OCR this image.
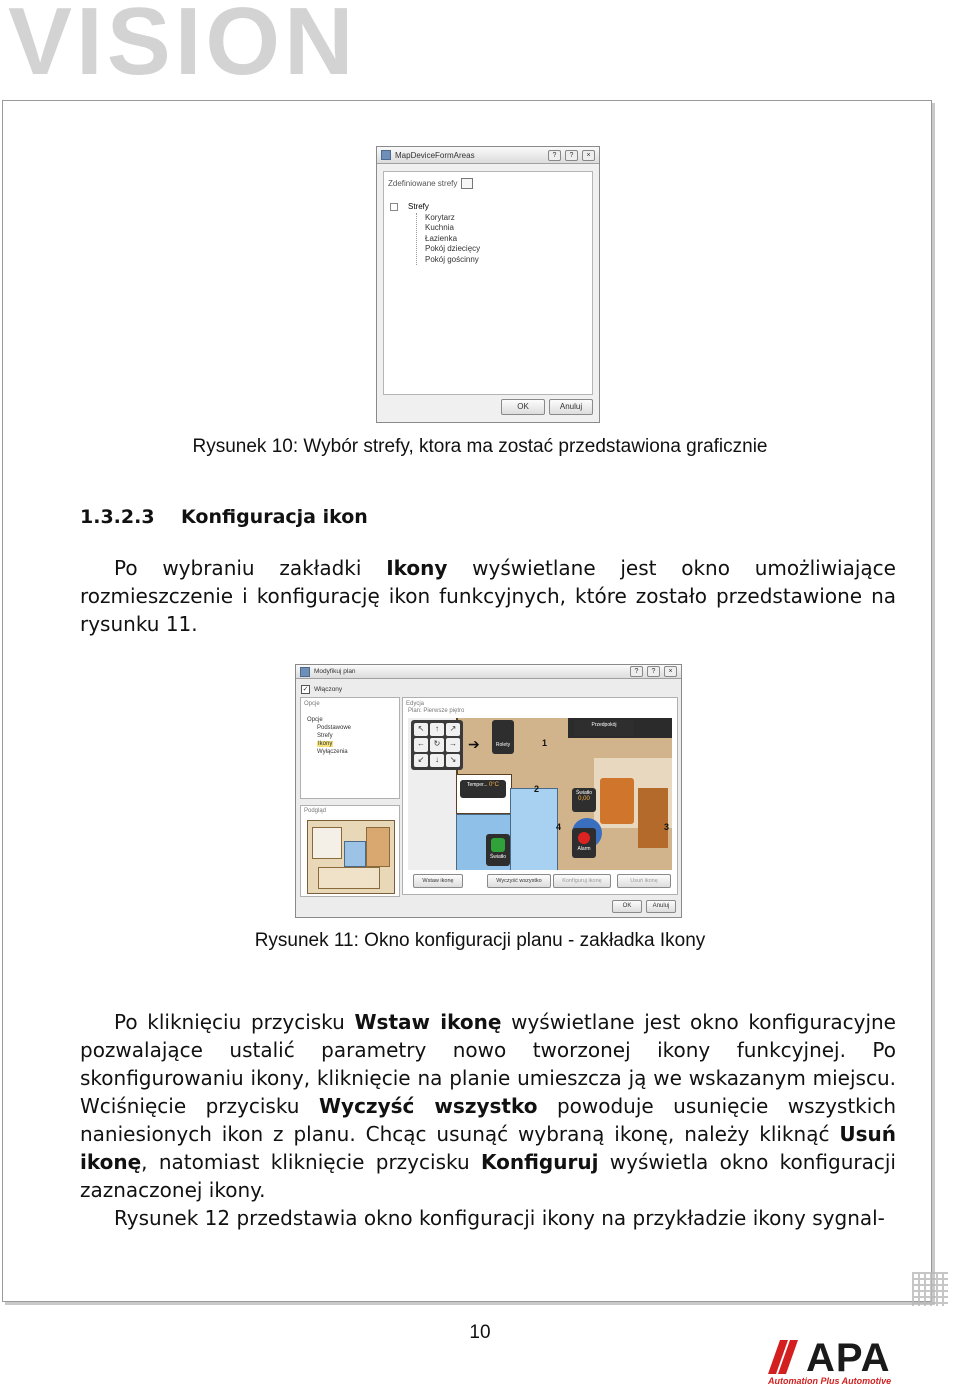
VISION
MapDeviceFormAreas	?	?	×
Zdefiniowane strefy
Strefy
Korytarz
Kuchnia
Łazienka
Pokój dziecięcy
Pokój gościnny
OK	Anuluj
Rysunek 10: Wybór strefy, ktora ma zostać przedstawiona graficznie
1.3.2.3 Konfiguracja ikon

Po wybraniu zakładki Ikony wyświetlane jest okno umożliwiające rozmieszczenie i konfigurację ikon funkcyjnych, które zostało przedstawione na rysunku 11.

Modyfikuj plan	?	?	×
✓ Włączony
Opcje
Opcje
Podstawowe
Strefy
Ikony
Wyłączenia
Podgląd
Edycja
Plan: Pierwsze piętro
↖	↑	↗
←	↻	→
↙	↓	↘
➔	Rolety
Przedpokój
Temper... 0°C
Światło
0,00
Alarm
Światło
1
2
3
4
Wstaw ikonę	Wyczyść wszystko	Konfiguruj ikonę	Usuń ikonę
OK	Anuluj
Rysunek 11: Okno konfiguracji planu - zakładka Ikony

Po kliknięciu przycisku Wstaw ikonę wyświetlane jest okno konfiguracyjne pozwalające ustalić parametry nowo tworzonej ikony funkcyjnej. Po skonfigurowaniu ikony, kliknięcie na planie umieszcza ją we wskazanym miejscu. Wciśnięcie przycisku Wyczyść wszystko powoduje usunięcie wszystkich naniesionych ikon z planu. Chcąc usunąć wybraną ikonę, należy kliknąć Usuń ikonę, natomiast kliknięcie przycisku Konfiguruj wyświetla okno konfiguracji zaznaczonej ikony.

Rysunek 12 przedstawia okno konfiguracji ikony na przykładzie ikony sygnal-

10
APA
Automation Plus Automotive
